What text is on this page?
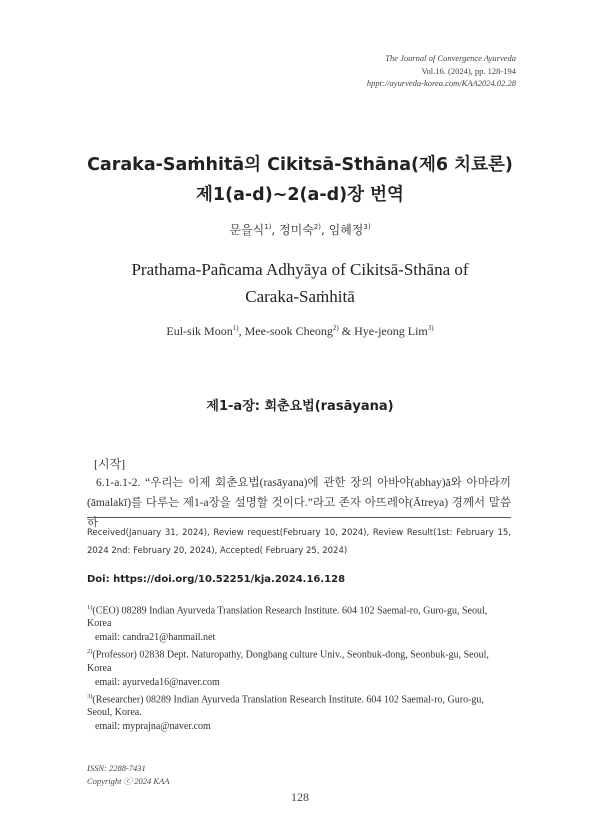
The Journal of Convergence Ayurveda
Vol.16. (2024), pp. 128-194
hppt://ayurveda-korea.com/KAA2024.02.28
Caraka-Saṁhitā의 Cikitsā-Sthāna(제6 치료론)
제1(a-d)~2(a-d)장 번역
문을식$^{1)}$, 정미숙$^{2)}$, 임혜정$^{3)}$
Prathama-Pañcama Adhyāya of Cikitsā-Sthāna of
Caraka-Saṁhitā
Eul-sik Moon$^{1)}$, Mee-sook Cheong$^{2)}$ & Hye-jeong Lim$^{3)}$
제1-a장: 회춘요법(rasāyana)
[시작]

6.1-a.1-2. “우리는 이제 회춘요법(rasāyana)에 관한 장의 아바야(abhay)ā와 아마라끼(āmalakī)를 다루는 제1-a장을 설명할 것이다.”라고 존자 아뜨레야(Ātreya) 경께서 말씀하

Received(January 31, 2024), Review request(February 10, 2024), Review Result(1st: February 15, 2024 2nd: February 20, 2024), Accepted( February 25, 2024)

Doi: https://doi.org/10.52251/kja.2024.16.128

$^{1)}$(CEO) 08289 Indian Ayurveda Translation Research Institute. 604 102 Saemal-ro, Guro-gu, Seoul, Korea

email: candra21@hanmail.net

$^{2)}$(Professor) 02838 Dept. Naturopathy, Dongbang culture Univ., Seonbuk-dong, Seonbuk-gu, Seoul, Korea

email: ayurveda16@naver.com

$^{3)}$(Researcher) 08289 Indian Ayurveda Translation Research Institute. 604 102 Saemal-ro, Guro-gu, Seoul, Korea.

email: myprajna@naver.com

ISSN: 2288-7431
Copyright ⓒ 2024 KAA
128
